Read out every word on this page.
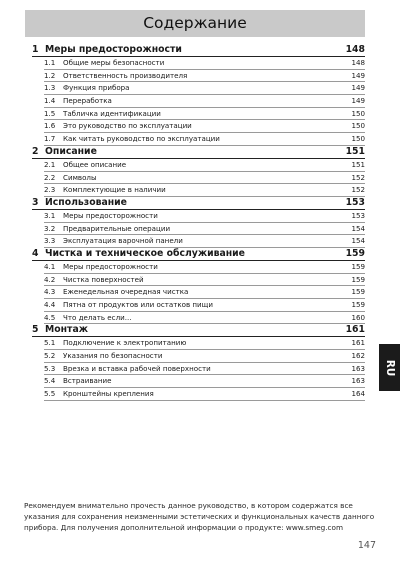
Содержание
1 Меры предосторожности	148
1.1	Общие меры безопасности	148
1.2	Ответственность производителя	149
1.3	Функция прибора	149
1.4	Переработка	149
1.5	Табличка идентификации	150
1.6	Это руководство по эксплуатации	150
1.7	Как читать руководство по эксплуатации	150
2 Описание	151
2.1	Общее описание	151
2.2	Символы	152
2.3	Комплектующие в наличии	152
3 Использование	153
3.1	Меры предосторожности	153
3.2	Предварительные операции	154
3.3	Эксплуатация варочной панели	154
4 Чистка и техническое обслуживание	159
4.1	Меры предосторожности	159
4.2	Чистка поверхностей	159
4.3	Еженедельная очередная чистка	159
4.4	Пятна от продуктов или остатков пищи	159
4.5	Что делать если...	160
5 Монтаж	161
5.1	Подключение к электропитанию	161
5.2	Указания по безопасности	162
5.3	Врезка и вставка рабочей поверхности	163
5.4	Встраивание	163
5.5	Кронштейны крепления	164
RU
Рекомендуем внимательно прочесть данное руководство, в котором содержатся все указания для сохранения неизменными эстетических и функциональных качеств данного прибора. Для получения дополнительной информации о продукте: www.smeg.com
147
